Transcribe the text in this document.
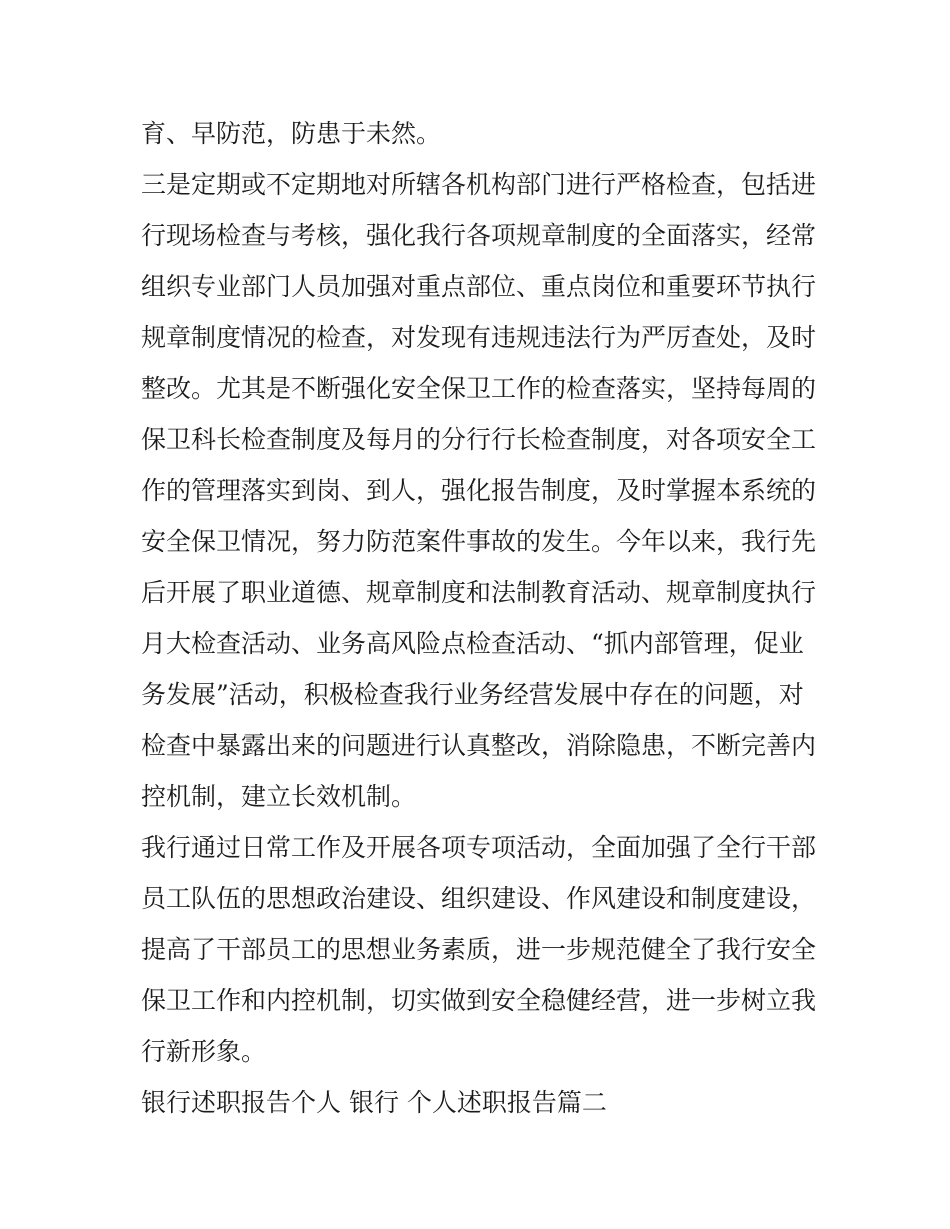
育、早防范，防患于未然。
三是定期或不定期地对所辖各机构部门进行严格检查，包括进
行现场检查与考核，强化我行各项规章制度的全面落实，经常
组织专业部门人员加强对重点部位、重点岗位和重要环节执行
规章制度情况的检查，对发现有违规违法行为严厉查处，及时
整改。尤其是不断强化安全保卫工作的检查落实，坚持每周的
保卫科长检查制度及每月的分行行长检查制度，对各项安全工
作的管理落实到岗、到人，强化报告制度，及时掌握本系统的
安全保卫情况，努力防范案件事故的发生。今年以来，我行先
后开展了职业道德、规章制度和法制教育活动、规章制度执行
月大检查活动、业务高风险点检查活动、“抓内部管理，促业
务发展”活动，积极检查我行业务经营发展中存在的问题，对
检查中暴露出来的问题进行认真整改，消除隐患，不断完善内
控机制，建立长效机制。
我行通过日常工作及开展各项专项活动，全面加强了全行干部
员工队伍的思想政治建设、组织建设、作风建设和制度建设，
提高了干部员工的思想业务素质，进一步规范健全了我行安全
保卫工作和内控机制，切实做到安全稳健经营，进一步树立我
行新形象。
银行述职报告个人 银行 个人述职报告篇二
